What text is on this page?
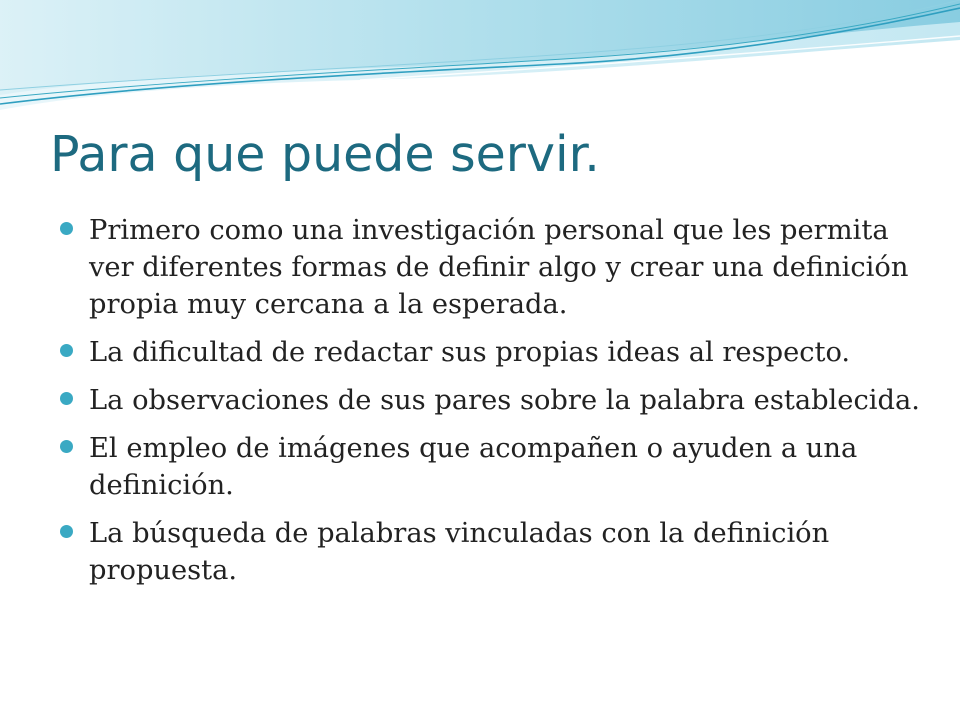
Para que puede servir.
Primero como una investigación personal que les permita ver diferentes formas de definir algo y crear una definición propia muy cercana a la esperada.
La dificultad de redactar sus propias ideas al respecto.
La observaciones de sus pares sobre la palabra establecida.
El empleo de imágenes que acompañen o ayuden a una definición.
La búsqueda de palabras vinculadas con la definición propuesta.
